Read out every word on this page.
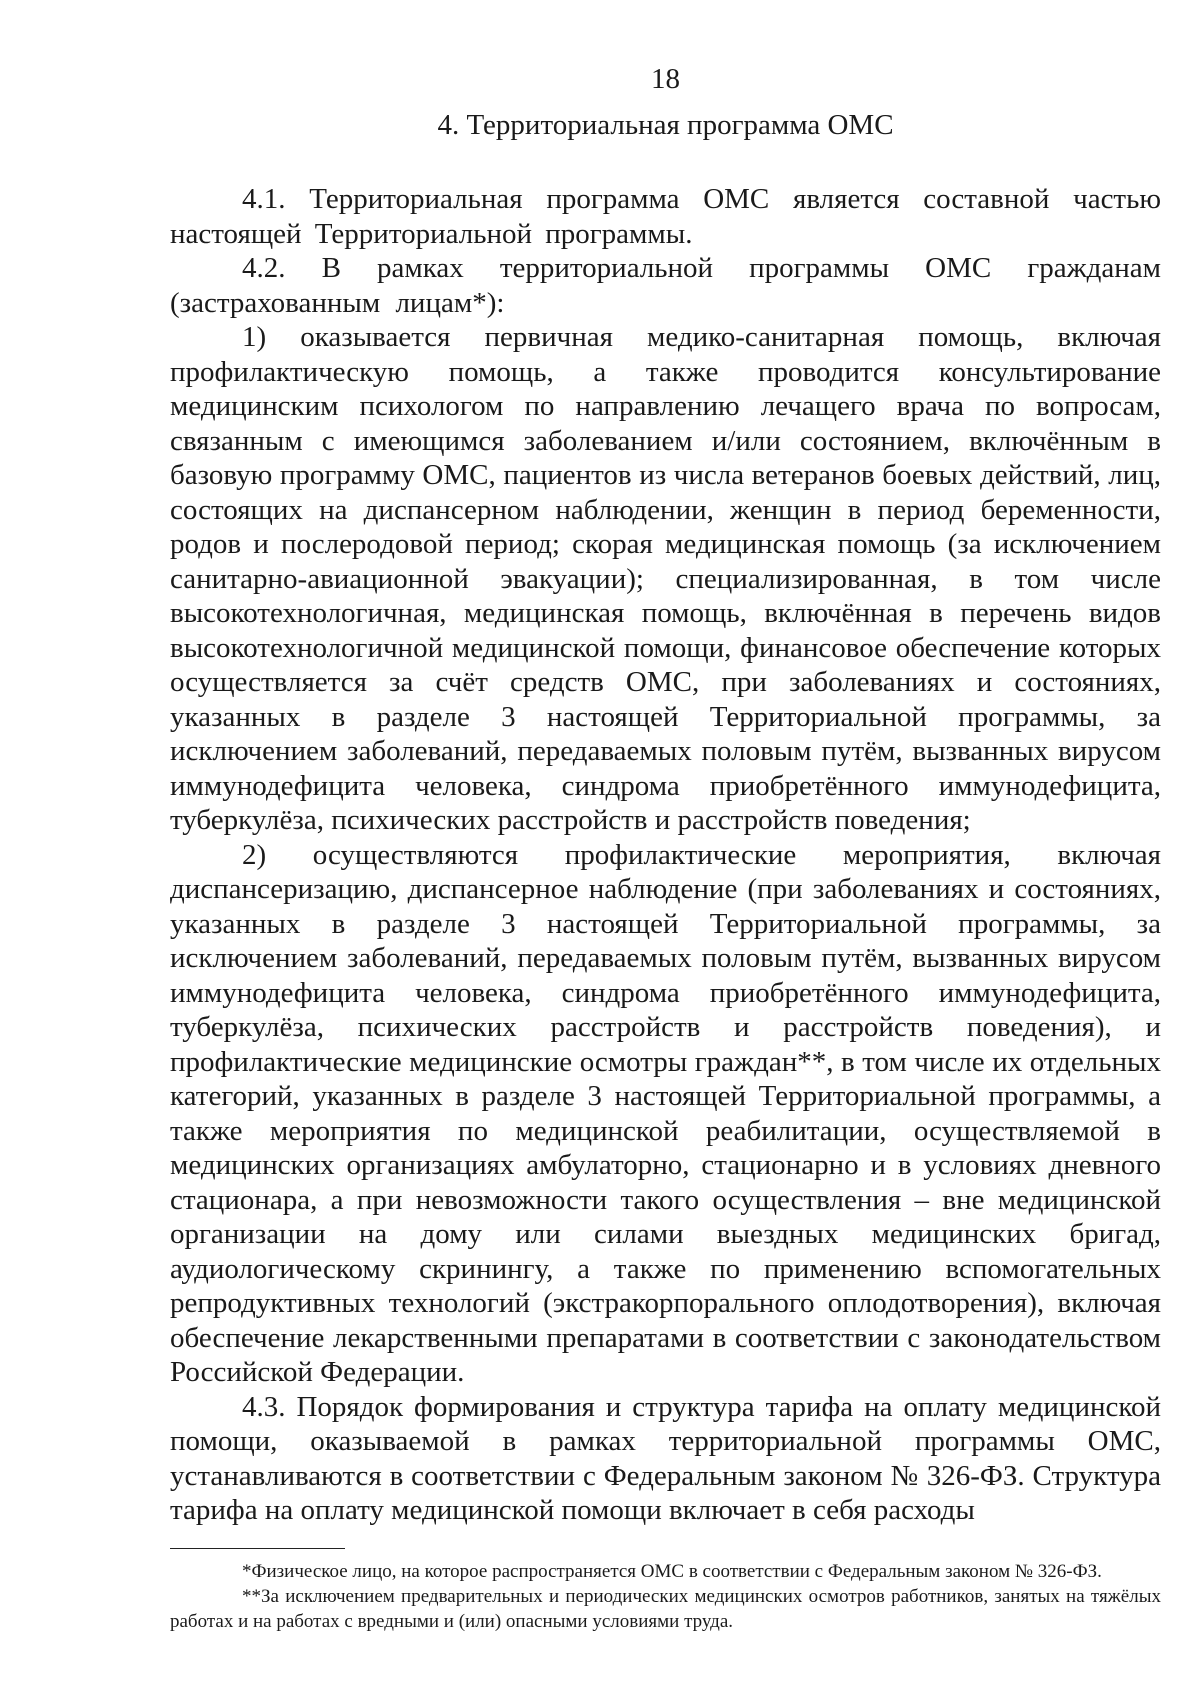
18
4. Территориальная программа ОМС

4.1. Территориальная программа ОМС является составной частью настоящей Территориальной программы.

4.2. В рамках территориальной программы ОМС гражданам (застрахованным лицам*):

1) оказывается первичная медико-санитарная помощь, включая профилактическую помощь, а также проводится консультирование медицинским психологом по направлению лечащего врача по вопросам, связанным с имеющимся заболеванием и/или состоянием, включённым в базовую программу ОМС, пациентов из числа ветеранов боевых действий, лиц, состоящих на диспансерном наблюдении, женщин в период беременности, родов и послеродовой период; скорая медицинская помощь (за исключением санитарно-авиационной эвакуации); специализированная, в том числе высокотехнологичная, медицинская помощь, включённая в перечень видов высокотехнологичной медицинской помощи, финансовое обеспечение которых осуществляется за счёт средств ОМС, при заболеваниях и состояниях, указанных в разделе 3 настоящей Территориальной программы, за исключением заболеваний, передаваемых половым путём, вызванных вирусом иммунодефицита человека, синдрома приобретённого иммунодефицита, туберкулёза, психических расстройств и расстройств поведения;

2) осуществляются профилактические мероприятия, включая диспансеризацию, диспансерное наблюдение (при заболеваниях и состояниях, указанных в разделе 3 настоящей Территориальной программы, за исключением заболеваний, передаваемых половым путём, вызванных вирусом иммунодефицита человека, синдрома приобретённого иммунодефицита, туберкулёза, психических расстройств и расстройств поведения), и профилактические медицинские осмотры граждан**, в том числе их отдельных категорий, указанных в разделе 3 настоящей Территориальной программы, а также мероприятия по медицинской реабилитации, осуществляемой в медицинских организациях амбулаторно, стационарно и в условиях дневного стационара, а при невозможности такого осуществления – вне медицинской организации на дому или силами выездных медицинских бригад, аудиологическому скринингу, а также по применению вспомогательных репродуктивных технологий (экстракорпорального оплодотворения), включая обеспечение лекарственными препаратами в соответствии с законодательством Российской Федерации.

4.3. Порядок формирования и структура тарифа на оплату медицинской помощи, оказываемой в рамках территориальной программы ОМС, устанавливаются в соответствии с Федеральным законом № 326-ФЗ. Структура тарифа на оплату медицинской помощи включает в себя расходы

*Физическое лицо, на которое распространяется ОМС в соответствии с Федеральным законом № 326-ФЗ.

**За исключением предварительных и периодических медицинских осмотров работников, занятых на тяжёлых работах и на работах с вредными и (или) опасными условиями труда.
